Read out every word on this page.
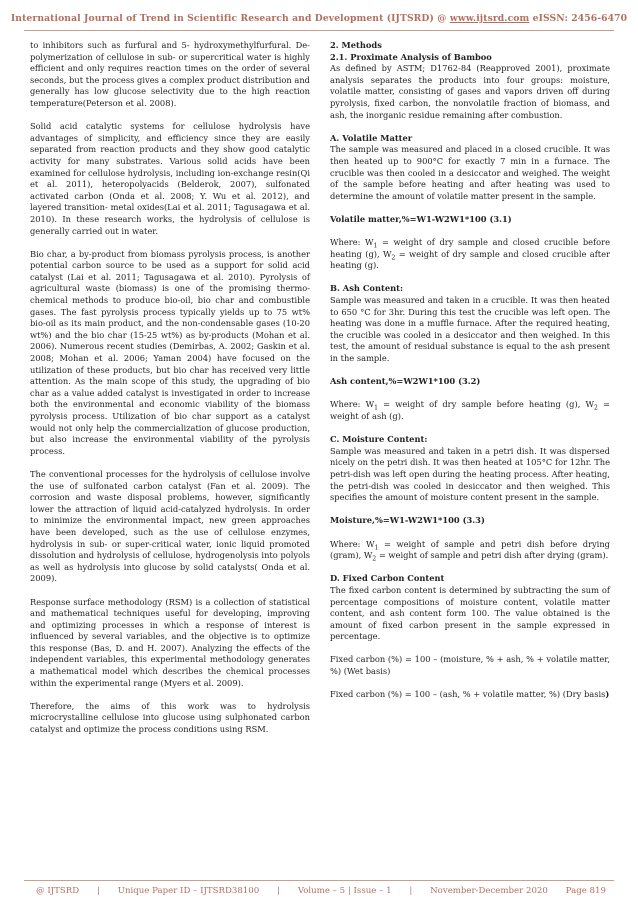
International Journal of Trend in Scientific Research and Development (IJTSRD) @ www.ijtsrd.com eISSN: 2456-6470

to inhibitors such as furfural and 5- hydroxymethylfurfural. De-polymerization of cellulose in sub- or supercritical water is highly efficient and only requires reaction times on the order of several seconds, but the process gives a complex product distribution and generally has low glucose selectivity due to the high reaction temperature(Peterson et al. 2008).

Solid acid catalytic systems for cellulose hydrolysis have advantages of simplicity, and efficiency since they are easily separated from reaction products and they show good catalytic activity for many substrates. Various solid acids have been examined for cellulose hydrolysis, including ion-exchange resin(Qi et al. 2011), heteropolyacids (Belderok, 2007), sulfonated activated carbon (Onda et al. 2008; Y. Wu et al. 2012), and layered transition- metal oxides(Lai et al. 2011; Tagusagawa et al. 2010). In these research works, the hydrolysis of cellulose is generally carried out in water.

Bio char, a by-product from biomass pyrolysis process, is another potential carbon source to be used as a support for solid acid catalyst (Lai et al. 2011; Tagusagawa et al. 2010). Pyrolysis of agricultural waste (biomass) is one of the promising thermo-chemical methods to produce bio-oil, bio char and combustible gases. The fast pyrolysis process typically yields up to 75 wt% bio-oil as its main product, and the non-condensable gases (10-20 wt%) and the bio char (15-25 wt%) as by-products (Mohan et al. 2006). Numerous recent studies (Demirbas, A. 2002; Gaskin et al. 2008; Mohan et al. 2006; Yaman 2004) have focused on the utilization of these products, but bio char has received very little attention. As the main scope of this study, the upgrading of bio char as a value added catalyst is investigated in order to increase both the environmental and economic viability of the biomass pyrolysis process. Utilization of bio char support as a catalyst would not only help the commercialization of glucose production, but also increase the environmental viability of the pyrolysis process.

The conventional processes for the hydrolysis of cellulose involve the use of sulfonated carbon catalyst (Fan et al. 2009). The corrosion and waste disposal problems, however, significantly lower the attraction of liquid acid-catalyzed hydrolysis. In order to minimize the environmental impact, new green approaches have been developed, such as the use of cellulose enzymes, hydrolysis in sub- or super-critical water, ionic liquid promoted dissolution and hydrolysis of cellulose, hydrogenolysis into polyols as well as hydrolysis into glucose by solid catalysts( Onda et al. 2009).

Response surface methodology (RSM) is a collection of statistical and mathematical techniques useful for developing, improving and optimizing processes in which a response of interest is influenced by several variables, and the objective is to optimize this response (Bas, D. and H. 2007). Analyzing the effects of the independent variables, this experimental methodology generates a mathematical model which describes the chemical processes within the experimental range (Myers et al. 2009).

Therefore, the aims of this work was to hydrolysis microcrystalline cellulose into glucose using sulphonated carbon catalyst and optimize the process conditions using RSM.

2. Methods
2.1. Proximate Analysis of Bamboo

As defined by ASTM; D1762-84 (Reapproved 2001), proximate analysis separates the products into four groups: moisture, volatile matter, consisting of gases and vapors driven off during pyrolysis, fixed carbon, the nonvolatile fraction of biomass, and ash, the inorganic residue remaining after combustion.

A. Volatile Matter

The sample was measured and placed in a closed crucible. It was then heated up to 900°C for exactly 7 min in a furnace. The crucible was then cooled in a desiccator and weighed. The weight of the sample before heating and after heating was used to determine the amount of volatile matter present in the sample.

Volatile matter,%=W1-W2W1*100 (3.1)

Where: $W_1$ = weight of dry sample and closed crucible before heating (g), $W_2$ = weight of dry sample and closed crucible after heating (g).

B. Ash Content:

Sample was measured and taken in a crucible. It was then heated to 650 °C for 3hr. During this test the crucible was left open. The heating was done in a muffle furnace. After the required heating, the crucible was cooled in a desiccator and then weighed. In this test, the amount of residual substance is equal to the ash present in the sample.

Ash content,%=W2W1*100 (3.2)

Where: $W_1$ = weight of dry sample before heating (g), $W_2$ = weight of ash (g).

C. Moisture Content:

Sample was measured and taken in a petri dish. It was dispersed nicely on the petri dish. It was then heated at 105°C for 12hr. The petri-dish was left open during the heating process. After heating, the petri-dish was cooled in desiccator and then weighed. This specifies the amount of moisture content present in the sample.

Moisture,%=W1-W2W1*100 (3.3)

Where: $W_1$ = weight of sample and petri dish before drying (gram), $W_2$ = weight of sample and petri dish after drying (gram).

D. Fixed Carbon Content

The fixed carbon content is determined by subtracting the sum of percentage compositions of moisture content, volatile matter content, and ash content form 100. The value obtained is the amount of fixed carbon present in the sample expressed in percentage.

Fixed carbon (%) = 100 – (moisture, % + ash, % + volatile matter, %) (Wet basis)

Fixed carbon (%) = 100 – (ash, % + volatile matter, %) (Dry basis)

@ IJTSRD | Unique Paper ID – IJTSRD38100 | Volume – 5 | Issue – 1 | November-December 2020 Page 819
